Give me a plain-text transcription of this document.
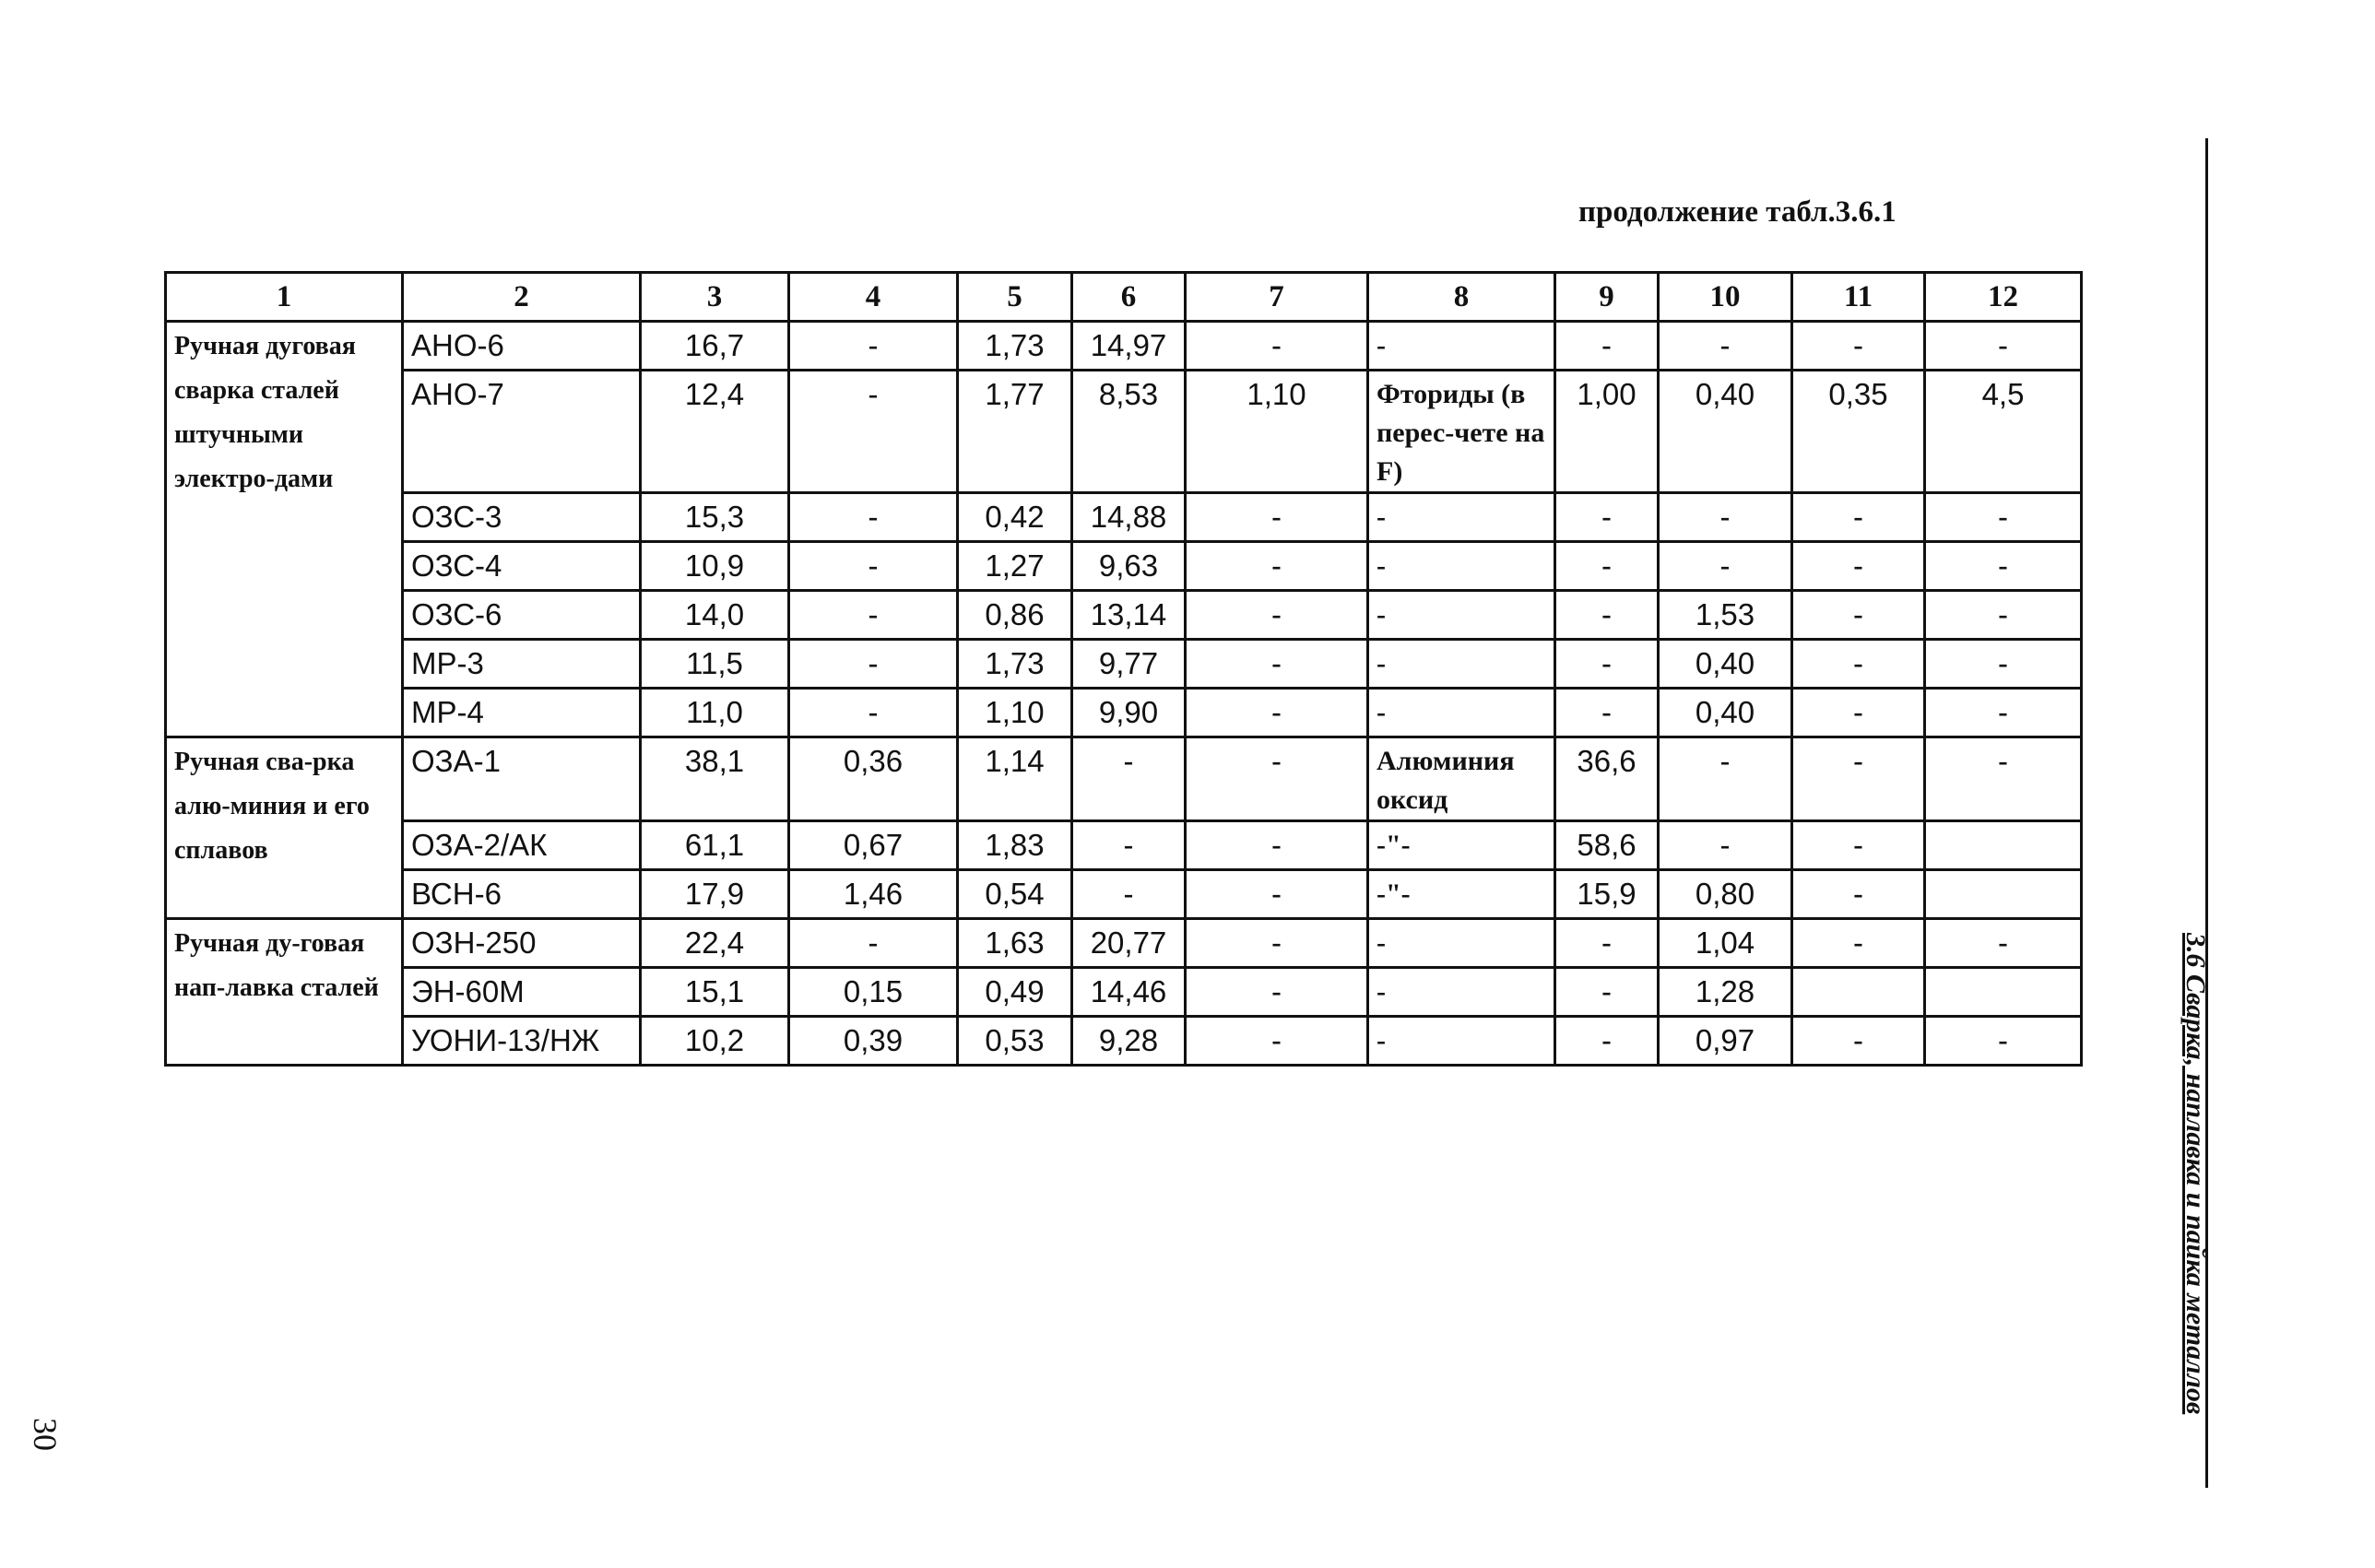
продолжение табл.3.6.1
1	2	3	4	5	6	7	8	9	10	11	12
Ручная дуговая сварка сталей штучными электро-дами	АНО-6	16,7	-	1,73	14,97	-	-	-	-	-	-
	АНО-7	12,4	-	1,77	8,53	1,10	Фториды (в перес-чете на F)	1,00	0,40	0,35	4,5
	ОЗС-3	15,3	-	0,42	14,88	-	-	-	-	-	-
	ОЗС-4	10,9	-	1,27	9,63	-	-	-	-	-	-
	ОЗС-6	14,0	-	0,86	13,14	-	-	-	1,53	-	-
	МР-3	11,5	-	1,73	9,77	-	-	-	0,40	-	-
	МР-4	11,0	-	1,10	9,90	-	-	-	0,40	-	-
Ручная сва-рка алю-миния и его сплавов	ОЗА-1	38,1	0,36	1,14	-	-	Алюминия оксид	36,6	-	-	-
	ОЗА-2/АК	61,1	0,67	1,83	-	-	-"-	58,6	-	-	
	ВСН-6	17,9	1,46	0,54	-	-	-"-	15,9	0,80	-	
Ручная ду-говая нап-лавка сталей	ОЗН-250	22,4	-	1,63	20,77	-	-	-	1,04	-	-
	ЭН-60М	15,1	0,15	0,49	14,46	-	-	-	1,28		
	УОНИ-13/НЖ	10,2	0,39	0,53	9,28	-	-	-	0,97	-	-	3.6 Сварка, наплавка и пайка металлов
30
